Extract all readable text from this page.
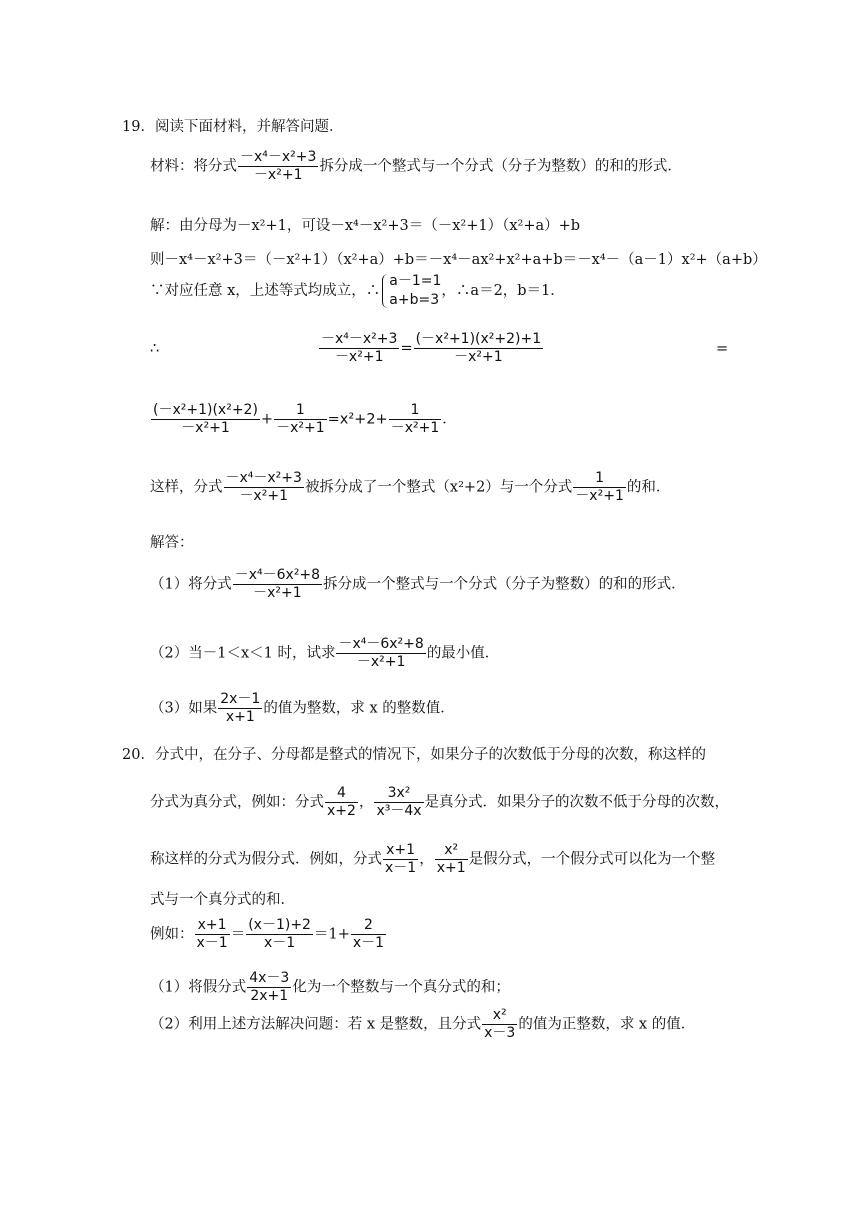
19．阅读下面材料，并解答问题．
材料：将分式 $\frac{\text{－x⁴－x²+3}}{\text{－x²+1}}$ 拆分成一个整式与一个分式（分子为整数）的和的形式．
解：由分母为－x²+1，可设－x⁴－x²+3＝（－x²+1）（x²+a）+b
则－x⁴－x²+3＝（－x²+1）（x²+a）+b＝－x⁴－ax²+x²+a+b＝－x⁴－（a－1）x²+（a+b）
∵对应任意 x，上述等式均成立，∴
a－1=1
a+b=3
，∴a＝2，b＝1．
∴	$\frac{\text{－x⁴－x²+3}}{\text{－x²+1}} = \frac{\text{(－x²+1)(x²+2)+1}}{\text{－x²+1}}$	=
$\frac{\text{(－x²+1)(x²+2)}}{\text{－x²+1}} + \frac{1}{\text{－x²+1}} =x^2+2+ \frac{1}{\text{－x²+1}}$ ．
这样，分式 $\frac{\text{－x⁴－x²+3}}{\text{－x²+1}}$ 被拆分成了一个整式（x²+2）与一个分式 $\frac{1}{\text{－x²+1}}$ 的和．
解答：
（1）将分式 $\frac{\text{－x⁴－6x²+8}}{\text{－x²+1}}$ 拆分成一个整式与一个分式（分子为整数）的和的形式．
（2）当－1＜x＜1 时，试求 $\frac{\text{－x⁴－6x²+8}}{\text{－x²+1}}$ 的最小值．
（3）如果 $\frac{2x-1}{x+1}$ 的值为整数，求 x 的整数值．
20．分式中，在分子、分母都是整式的情况下，如果分子的次数低于分母的次数，称这样的
分式为真分式，例如：分式 $\frac{4}{x+2}$ ， $\frac{\text{3x²}}{\text{x³－4x}}$ 是真分式．如果分子的次数不低于分母的次数，
称这样的分式为假分式．例如，分式 $\frac{x+1}{x-1}$ ， $\frac{\text{x²}}{x+1}$ 是假分式，一个假分式可以化为一个整
式与一个真分式的和．
例如： $\frac{x+1}{x-1} = \frac{(x-1)+2}{x-1} =1+ \frac{2}{x-1}$
（1）将假分式 $\frac{4x-3}{2x+1}$ 化为一个整数与一个真分式的和；
（2）利用上述方法解决问题：若 x 是整数，且分式 $\frac{\text{x²}}{x-3}$ 的值为正整数，求 x 的值．
